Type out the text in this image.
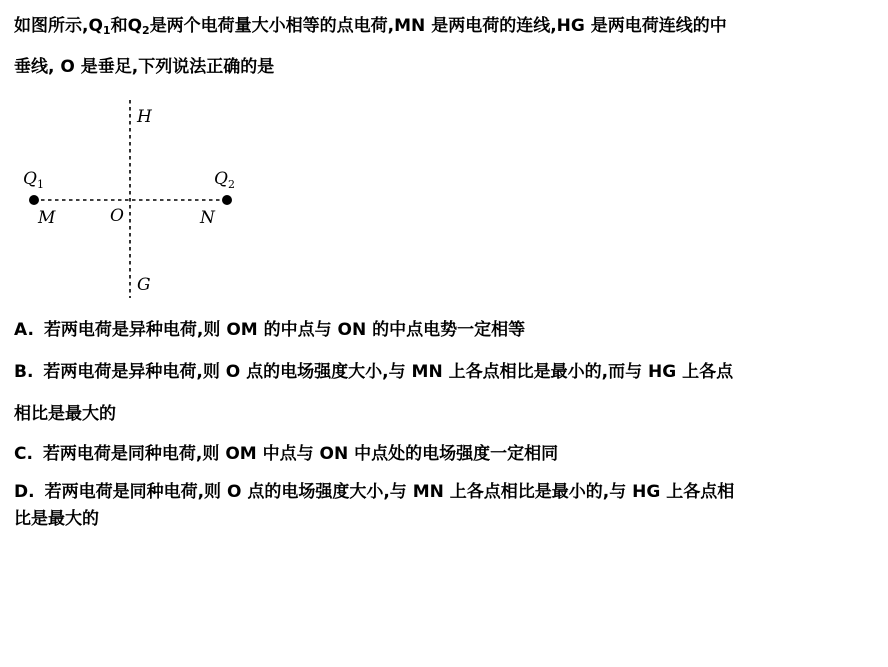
如图所示$,Q_1$和$Q_2$是两个电荷量大小相等的点电荷,MN 是两电荷的连线,HG 是两电荷连线的中
垂线, O 是垂足,下列说法正确的是
H
G
M	N
O
$Q_1$	$Q_2$
A. 若两电荷是异种电荷,则 OM 的中点与 ON 的中点电势一定相等
B. 若两电荷是异种电荷,则 O 点的电场强度大小,与 MN 上各点相比是最小的,而与 HG 上各点
相比是最大的
C. 若两电荷是同种电荷,则 OM 中点与 ON 中点处的电场强度一定相同
D. 若两电荷是同种电荷,则 O 点的电场强度大小,与 MN 上各点相比是最小的,与 HG 上各点相
比是最大的
